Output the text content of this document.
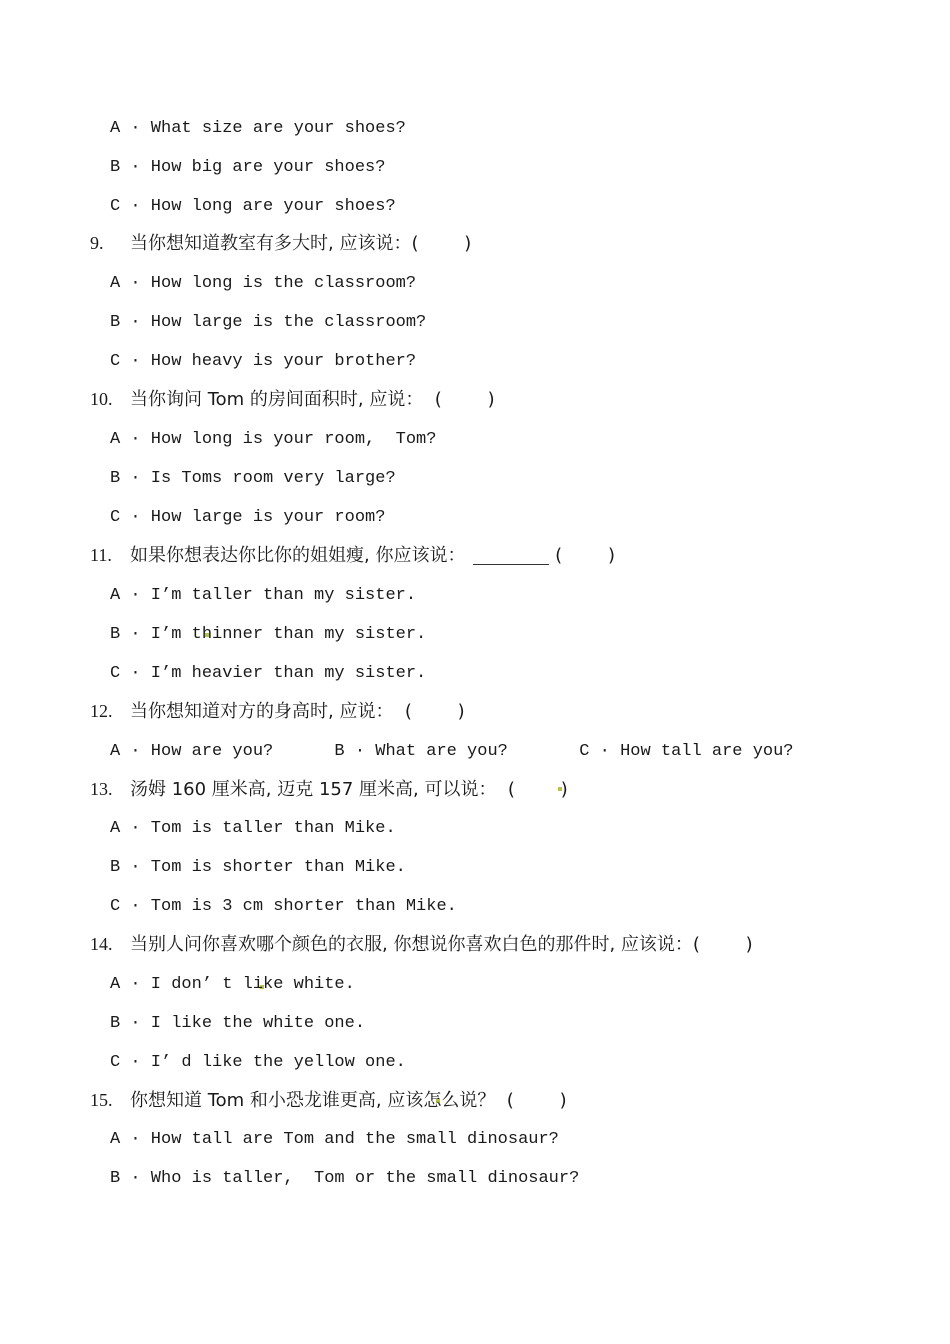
A · What size are your shoes?
B · How big are your shoes?
C · How long are your shoes?
9. 当你想知道教室有多大时, 应该说：(        )
A · How long is the classroom?
B · How large is the classroom?
C · How heavy is your brother?
10. 当你询问 Tom 的房间面积时, 应说：  (        )
A · How long is your room,  Tom?
B · Is Toms room very large?
C · How large is your room?
11. 如果你想表达你比你的姐姐瘦, 你应该说：	(        )
A · I’m taller than my sister.
B · I’m thinner than my sister.
C · I’m heavier than my sister.
12. 当你想知道对方的身高时, 应说：  (        )
A · How are you?      B · What are you?       C · How tall are you?
13. 汤姆 160 厘米高, 迈克 157 厘米高, 可以说：  (        )
A · Tom is taller than Mike.
B · Tom is shorter than Mike.
C · Tom is 3 cm shorter than Mike.
14. 当别人问你喜欢哪个颜色的衣服, 你想说你喜欢白色的那件时, 应该说：(        )
A · I don’ t like white.
B · I like the white one.
C · I’ d like the yellow one.
15. 你想知道 Tom 和小恐龙谁更高, 应该怎么说？  (        )
A · How tall are Tom and the small dinosaur?
B · Who is taller,  Tom or the small dinosaur?
